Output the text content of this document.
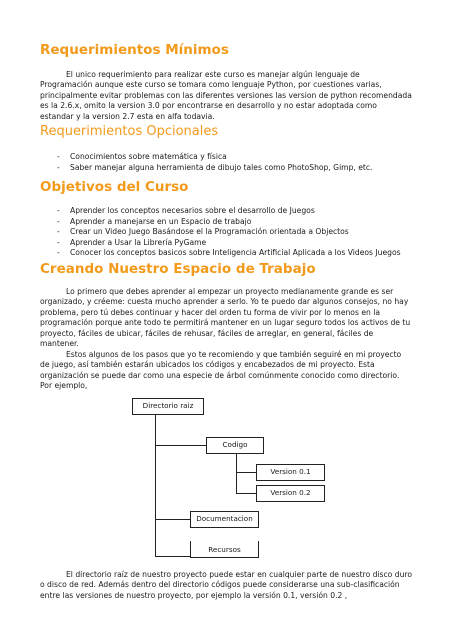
Requerimientos Mínimos

El unico requerimiento para realizar este curso es manejar algún lenguaje de Programación aunque este curso se tomara como lenguaje Python, por cuestiones varias, principalmente evitar problemas con las diferentes versiones las version de python recomendada es la 2.6.x, omito la version 3.0 por encontrarse en desarrollo y no estar adoptada como estandar y la version 2.7 esta en alfa todavia.

Requerimientos Opcionales
- Conocimientos sobre matemática y física
- Saber manejar alguna herramienta de dibujo tales como PhotoShop, Gimp, etc.
Objetivos del Curso
- Aprender los conceptos necesarios sobre el desarrollo de Juegos
- Aprender a manejarse en un Espacio de trabajo
- Crear un Video Juego Basándose el la Programación orientada a Objectos
- Aprender a Usar la Librería PyGame
- Conocer los conceptos basicos sobre Inteligencia Artificial Aplicada a los Videos Juegos
Creando Nuestro Espacio de Trabajo

Lo primero que debes aprender al empezar un proyecto medianamente grande es ser organizado, y créeme: cuesta mucho aprender a serlo. Yo te puedo dar algunos consejos, no hay problema, pero tú debes continuar y hacer del orden tu forma de vivir por lo menos en la programación porque ante todo te permitirá mantener en un lugar seguro todos los activos de tu proyecto, fáciles de ubicar, fáciles de rehusar, fáciles de arreglar, en general, fáciles de mantener.

Estos algunos de los pasos que yo te recomiendo y que también seguiré en mi proyecto de juego, así también estarán ubicados los códigos y encabezados de mi proyecto. Esta organización se puede dar como una especie de árbol comúnmente conocido como directorio. Por ejemplo,

Directorio raiz
Codigo
Version 0.1
Version 0.2
Documentacion
Recursos

El directorio raíz de nuestro proyecto puede estar en cualquier parte de nuestro disco duro o disco de red. Además dentro del directorio códigos puede considerarse una sub-clasificación entre las versiones de nuestro proyecto, por ejemplo la versión 0.1, versión 0.2 ,
